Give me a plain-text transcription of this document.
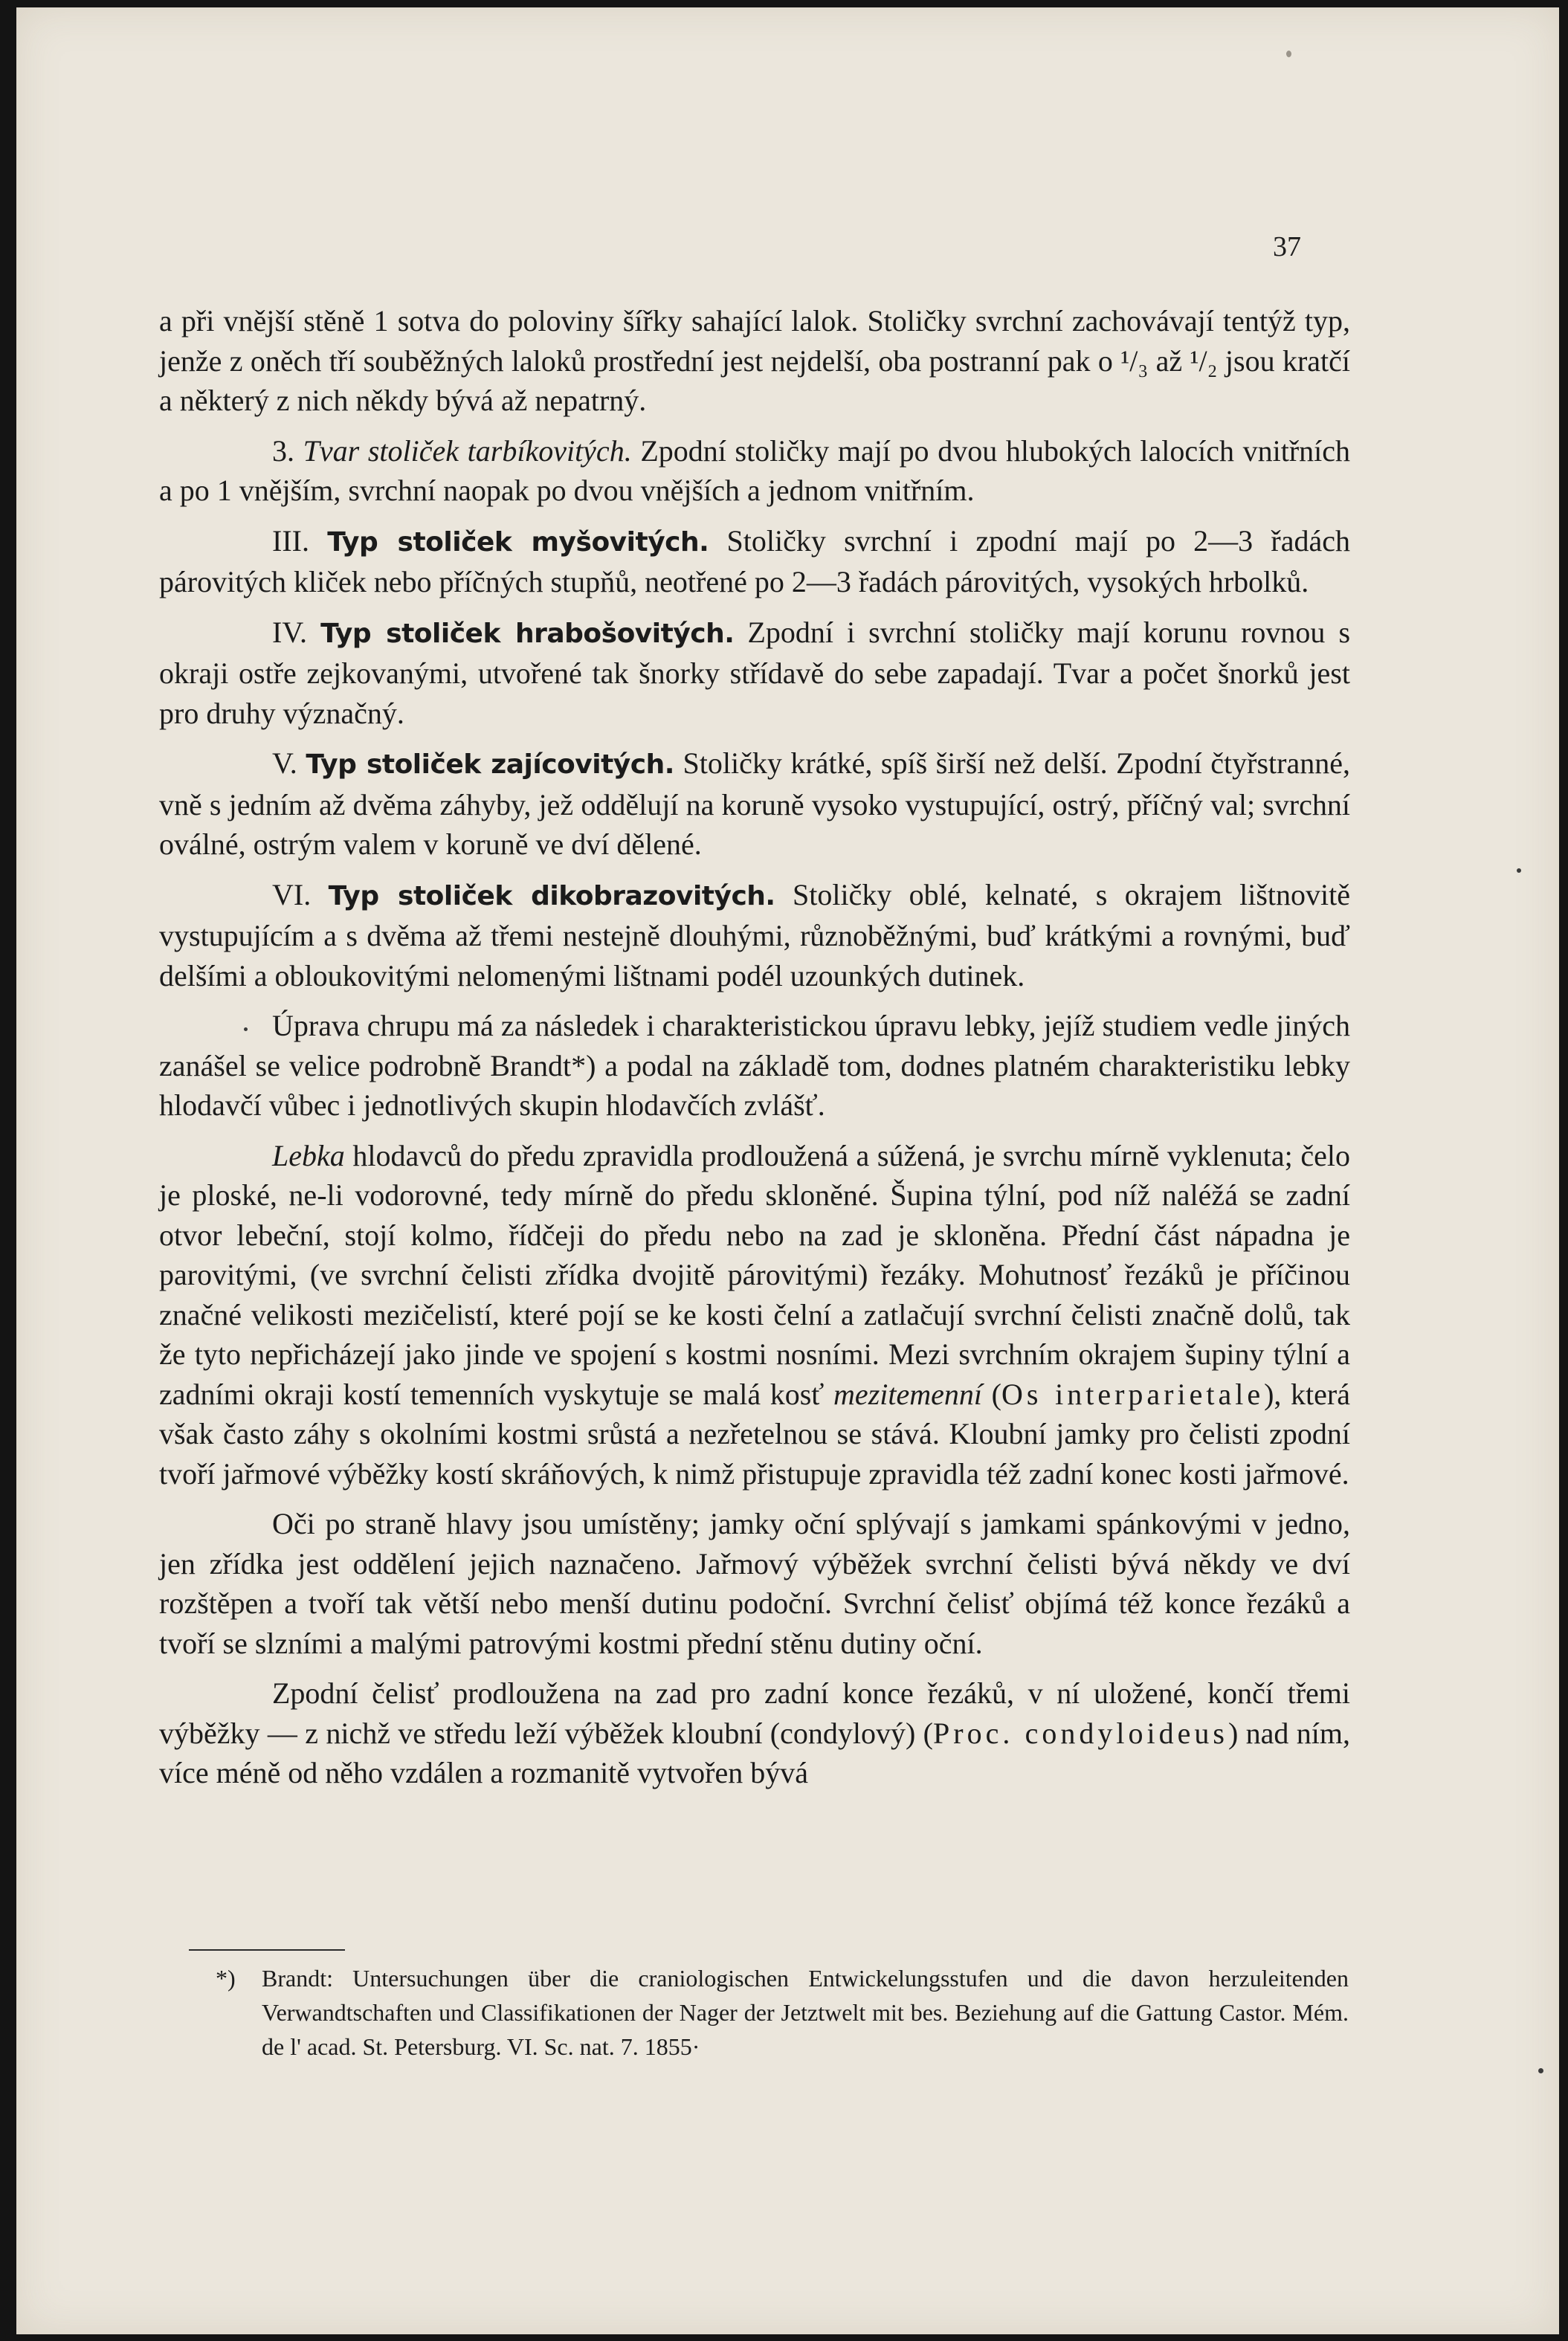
37

a při vnější stěně 1 sotva do poloviny šířky sahající lalok. Stoličky svrchní zachovávají tentýž typ, jenže z oněch tří souběžných laloků prostřední jest nejdelší, oba postranní pak o ¹/₃ až ¹/₂ jsou kratčí a některý z nich někdy bývá až nepatrný.

3. Tvar stoliček tarbíkovitých. Zpodní stoličky mají po dvou hlubokých lalocích vnitřních a po 1 vnějším, svrchní naopak po dvou vnějších a jednom vnitřním.

III. Typ stoliček myšovitých. Stoličky svrchní i zpodní mají po 2—3 řadách párovitých kliček nebo příčných stupňů, neotřené po 2—3 řadách párovitých, vysokých hrbolků.

IV. Typ stoliček hrabošovitých. Zpodní i svrchní stoličky mají korunu rovnou s okraji ostře zejkovanými, utvořené tak šnorky střídavě do sebe zapadají. Tvar a počet šnorků jest pro druhy význačný.

V. Typ stoliček zajícovitých. Stoličky krátké, spíš širší než delší. Zpodní čtyřstranné, vně s jedním až dvěma záhyby, jež oddělují na koruně vysoko vystupující, ostrý, příčný val; svrchní oválné, ostrým valem v koruně ve dví dělené.

VI. Typ stoliček dikobrazovitých. Stoličky oblé, kelnaté, s okrajem lištnovitě vystupujícím a s dvěma až třemi nestejně dlouhými, různoběžnými, buď krátkými a rovnými, buď delšími a obloukovitými nelomenými lištnami podél uzounkých dutinek.

Úprava chrupu má za následek i charakteristickou úpravu lebky, jejíž studiem vedle jiných zanášel se velice podrobně Brandt*) a podal na základě tom, dodnes platném charakteristiku lebky hlodavčí vůbec i jednotlivých skupin hlodavčích zvlášť.

Lebka hlodavců do předu zpravidla prodloužená a súžená, je svrchu mírně vyklenuta; čelo je ploské, ne-li vodorovné, tedy mírně do předu skloněné. Šupina týlní, pod níž naléžá se zadní otvor lebeční, stojí kolmo, řídčeji do předu nebo na zad je skloněna. Přední část nápadna je parovitými, (ve svrchní čelisti zřídka dvojitě párovitými) řezáky. Mohutnosť řezáků je příčinou značné velikosti mezičelistí, které pojí se ke kosti čelní a zatlačují svrchní čelisti značně dolů, tak že tyto nepřicházejí jako jinde ve spojení s kostmi nosními. Mezi svrchním okrajem šupiny týlní a zadními okraji kostí temenních vyskytuje se malá kosť mezitemenní (Os interparietale), která však často záhy s okolními kostmi srůstá a nezřetelnou se stává. Kloubní jamky pro čelisti zpodní tvoří jařmové výběžky kostí skráňových, k nimž přistupuje zpravidla též zadní konec kosti jařmové.

Oči po straně hlavy jsou umístěny; jamky oční splývají s jamkami spánkovými v jedno, jen zřídka jest oddělení jejich naznačeno. Jařmový výběžek svrchní čelisti bývá někdy ve dví rozštěpen a tvoří tak větší nebo menší dutinu podoční. Svrchní čelisť objímá též konce řezáků a tvoří se slzními a malými patrovými kostmi přední stěnu dutiny oční.

Zpodní čelisť prodloužena na zad pro zadní konce řezáků, v ní uložené, končí třemi výběžky — z nichž ve středu leží výběžek kloubní (condylový) (Proc. condyloideus) nad ním, více méně od něho vzdálen a rozmanitě vytvořen bývá

*) Brandt: Untersuchungen über die craniologischen Entwickelungsstufen und die davon herzuleitenden Verwandtschaften und Classifikationen der Nager der Jetztwelt mit bes. Beziehung auf die Gattung Castor. Mém. de l' acad. St. Petersburg. VI. Sc. nat. 7. 1855·
